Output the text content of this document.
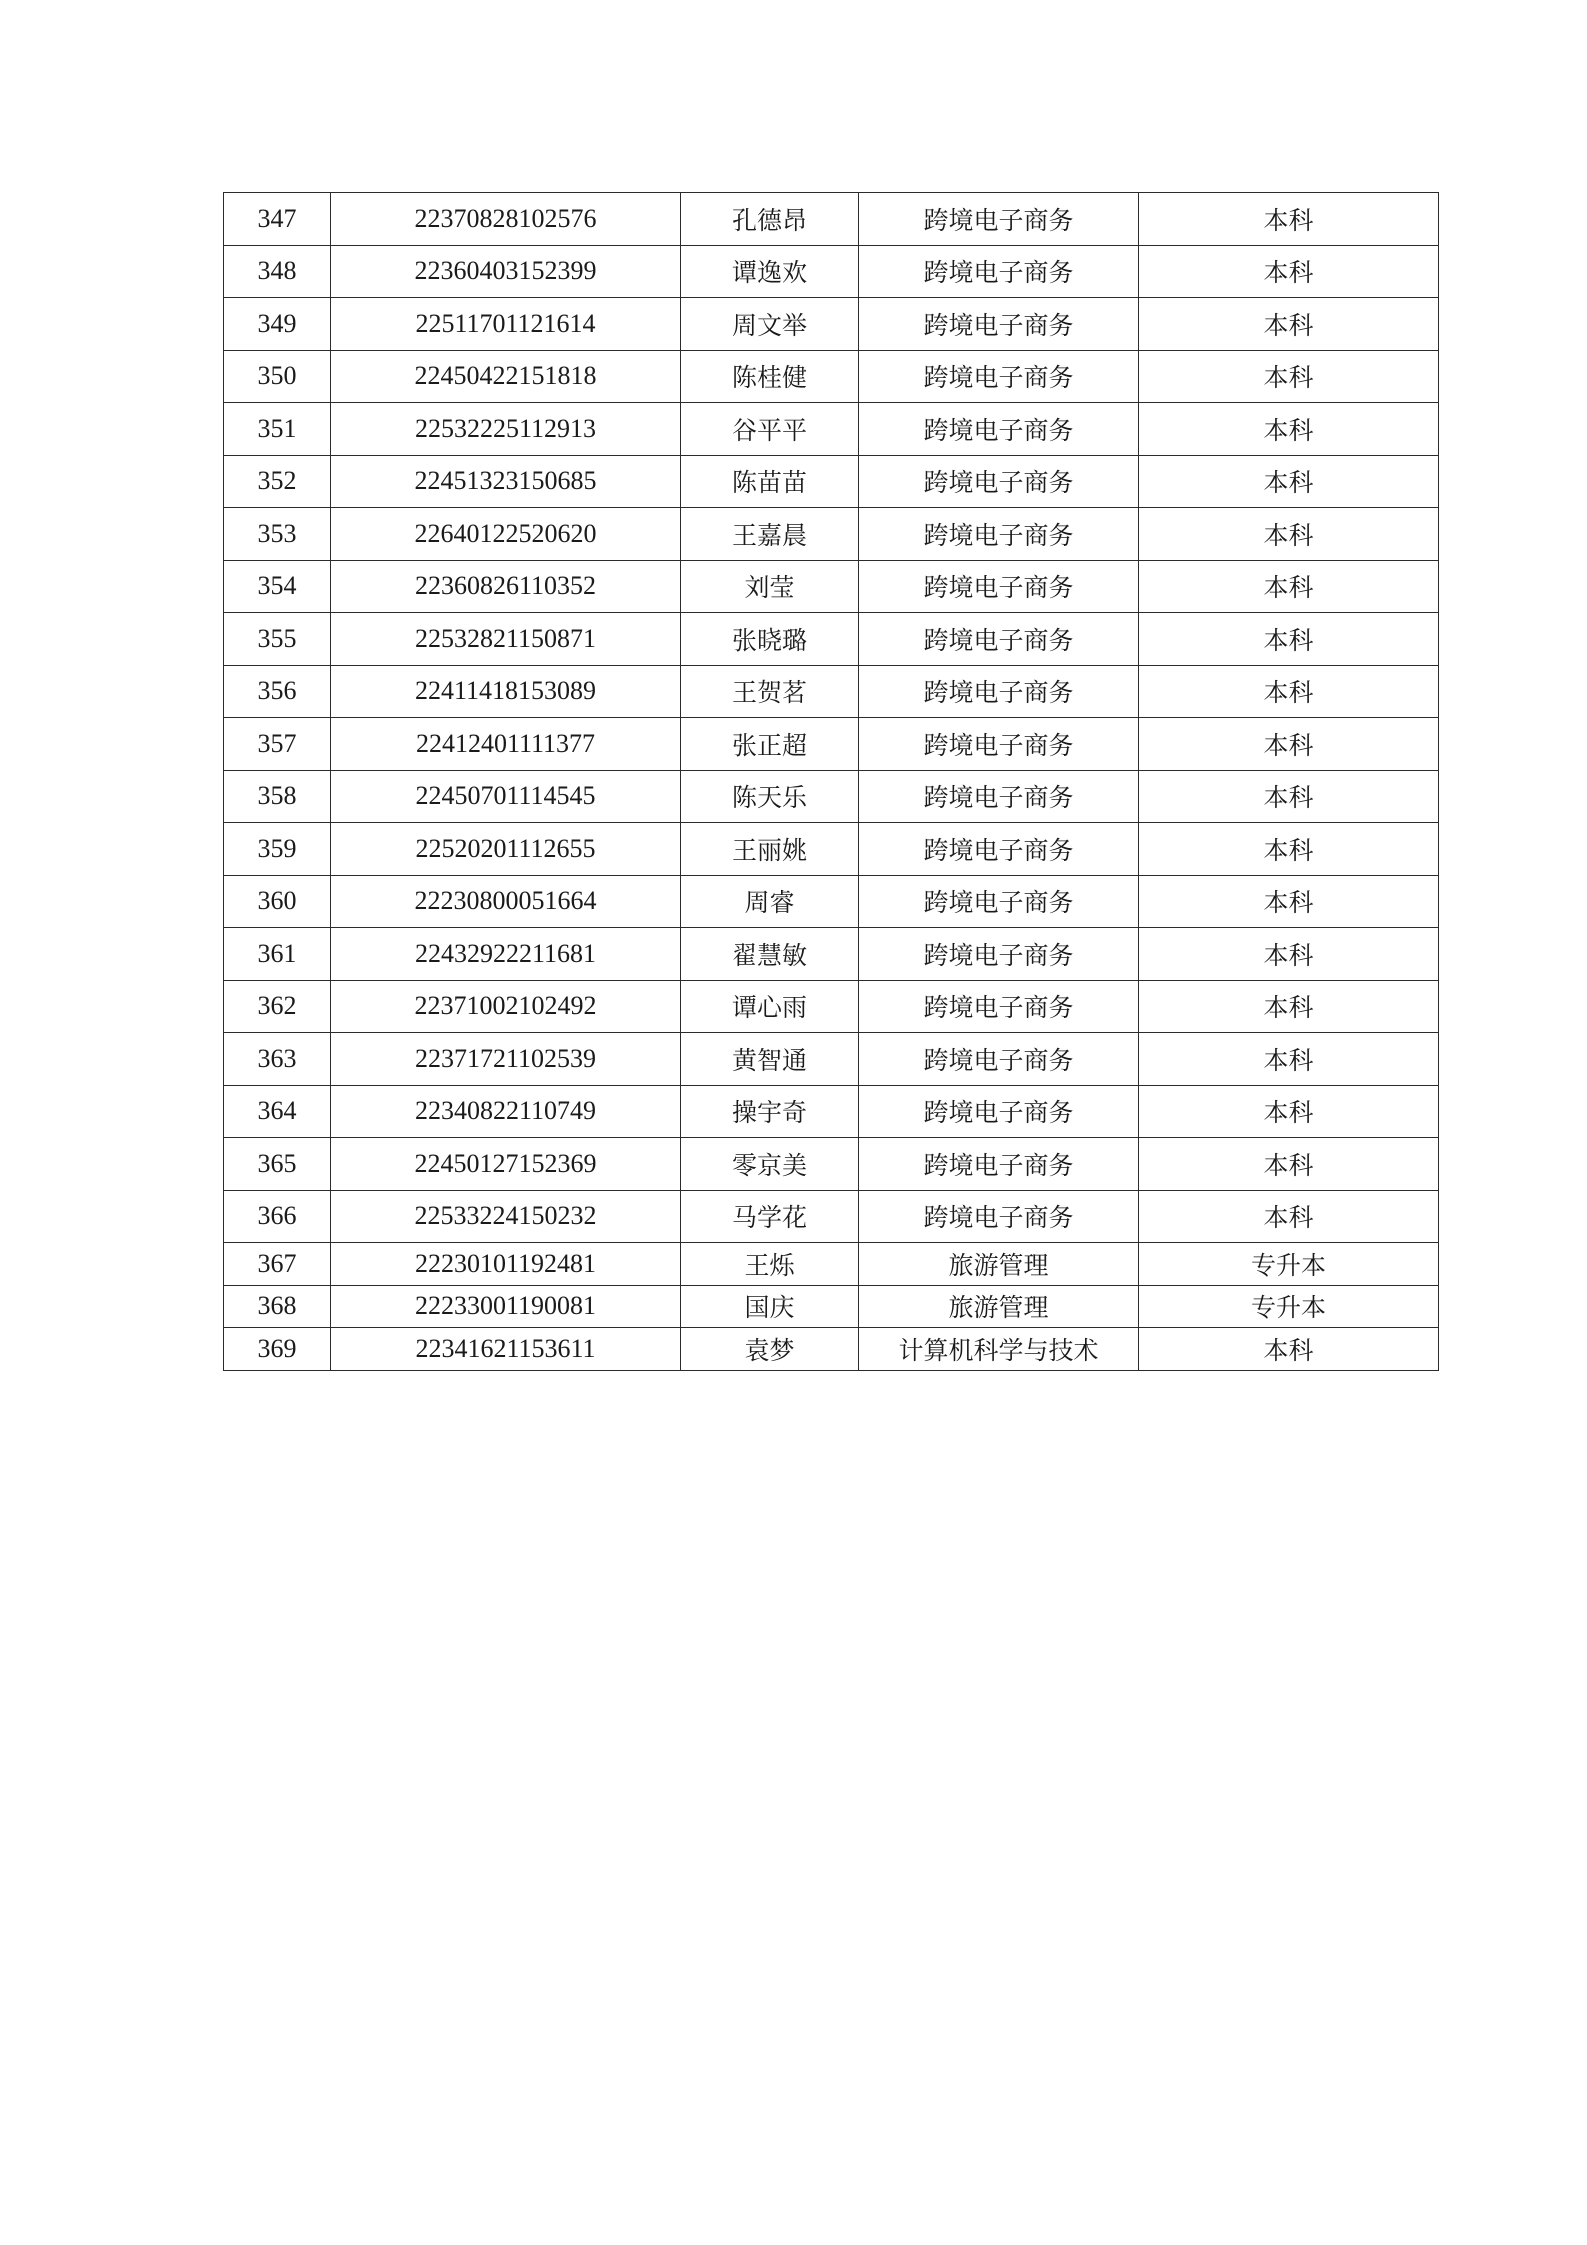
347	22370828102576	孔德昂	跨境电子商务	本科
348	22360403152399	谭逸欢	跨境电子商务	本科
349	22511701121614	周文举	跨境电子商务	本科
350	22450422151818	陈桂健	跨境电子商务	本科
351	22532225112913	谷平平	跨境电子商务	本科
352	22451323150685	陈苗苗	跨境电子商务	本科
353	22640122520620	王嘉晨	跨境电子商务	本科
354	22360826110352	刘莹	跨境电子商务	本科
355	22532821150871	张晓璐	跨境电子商务	本科
356	22411418153089	王贺茗	跨境电子商务	本科
357	22412401111377	张正超	跨境电子商务	本科
358	22450701114545	陈天乐	跨境电子商务	本科
359	22520201112655	王丽姚	跨境电子商务	本科
360	22230800051664	周睿	跨境电子商务	本科
361	22432922211681	翟慧敏	跨境电子商务	本科
362	22371002102492	谭心雨	跨境电子商务	本科
363	22371721102539	黄智通	跨境电子商务	本科
364	22340822110749	操宇奇	跨境电子商务	本科
365	22450127152369	零京美	跨境电子商务	本科
366	22533224150232	马学花	跨境电子商务	本科
367	22230101192481	王烁	旅游管理	专升本
368	22233001190081	国庆	旅游管理	专升本
369	22341621153611	袁梦	计算机科学与技术	本科
